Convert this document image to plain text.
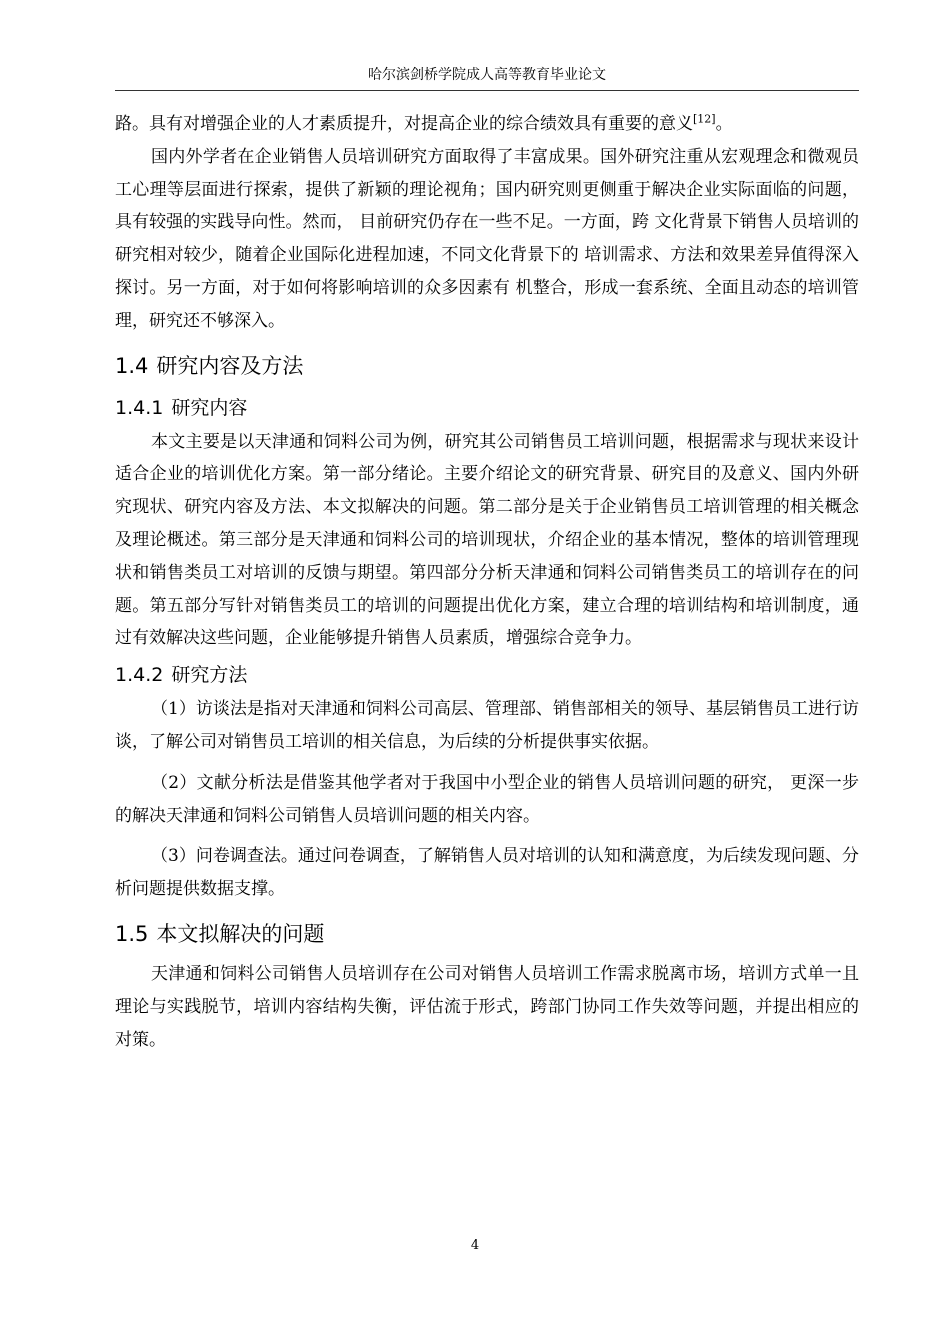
哈尔滨剑桥学院成人高等教育毕业论文

路。具有对增强企业的人才素质提升，对提高企业的综合绩效具有重要的意义[12]。

国内外学者在企业销售人员培训研究方面取得了丰富成果。国外研究注重从宏观理念和微观员工心理等层面进行探索，提供了新颖的理论视角；国内研究则更侧重于解决企业实际面临的问题，具有较强的实践导向性。然而， 目前研究仍存在一些不足。一方面，跨 文化背景下销售人员培训的研究相对较少，随着企业国际化进程加速，不同文化背景下的 培训需求、方法和效果差异值得深入探讨。另一方面，对于如何将影响培训的众多因素有 机整合，形成一套系统、全面且动态的培训管理，研究还不够深入。

1.4 研究内容及方法
1.4.1 研究内容

本文主要是以天津通和饲料公司为例，研究其公司销售员工培训问题，根据需求与现状来设计适合企业的培训优化方案。第一部分绪论。主要介绍论文的研究背景、研究目的及意义、国内外研究现状、研究内容及方法、本文拟解决的问题。第二部分是关于企业销售员工培训管理的相关概念及理论概述。第三部分是天津通和饲料公司的培训现状，介绍企业的基本情况，整体的培训管理现状和销售类员工对培训的反馈与期望。第四部分分析天津通和饲料公司销售类员工的培训存在的问题。第五部分写针对销售类员工的培训的问题提出优化方案，建立合理的培训结构和培训制度，通过有效解决这些问题，企业能够提升销售人员素质，增强综合竞争力。

1.4.2 研究方法

（1）访谈法是指对天津通和饲料公司高层、管理部、销售部相关的领导、基层销售员工进行访谈，了解公司对销售员工培训的相关信息，为后续的分析提供事实依据。

（2）文献分析法是借鉴其他学者对于我国中小型企业的销售人员培训问题的研究， 更深一步的解决天津通和饲料公司销售人员培训问题的相关内容。

（3）问卷调查法。通过问卷调查，了解销售人员对培训的认知和满意度，为后续发现问题、分析问题提供数据支撑。

1.5 本文拟解决的问题

天津通和饲料公司销售人员培训存在公司对销售人员培训工作需求脱离市场，培训方式单一且理论与实践脱节，培训内容结构失衡，评估流于形式，跨部门协同工作失效等问题，并提出相应的对策。

4
